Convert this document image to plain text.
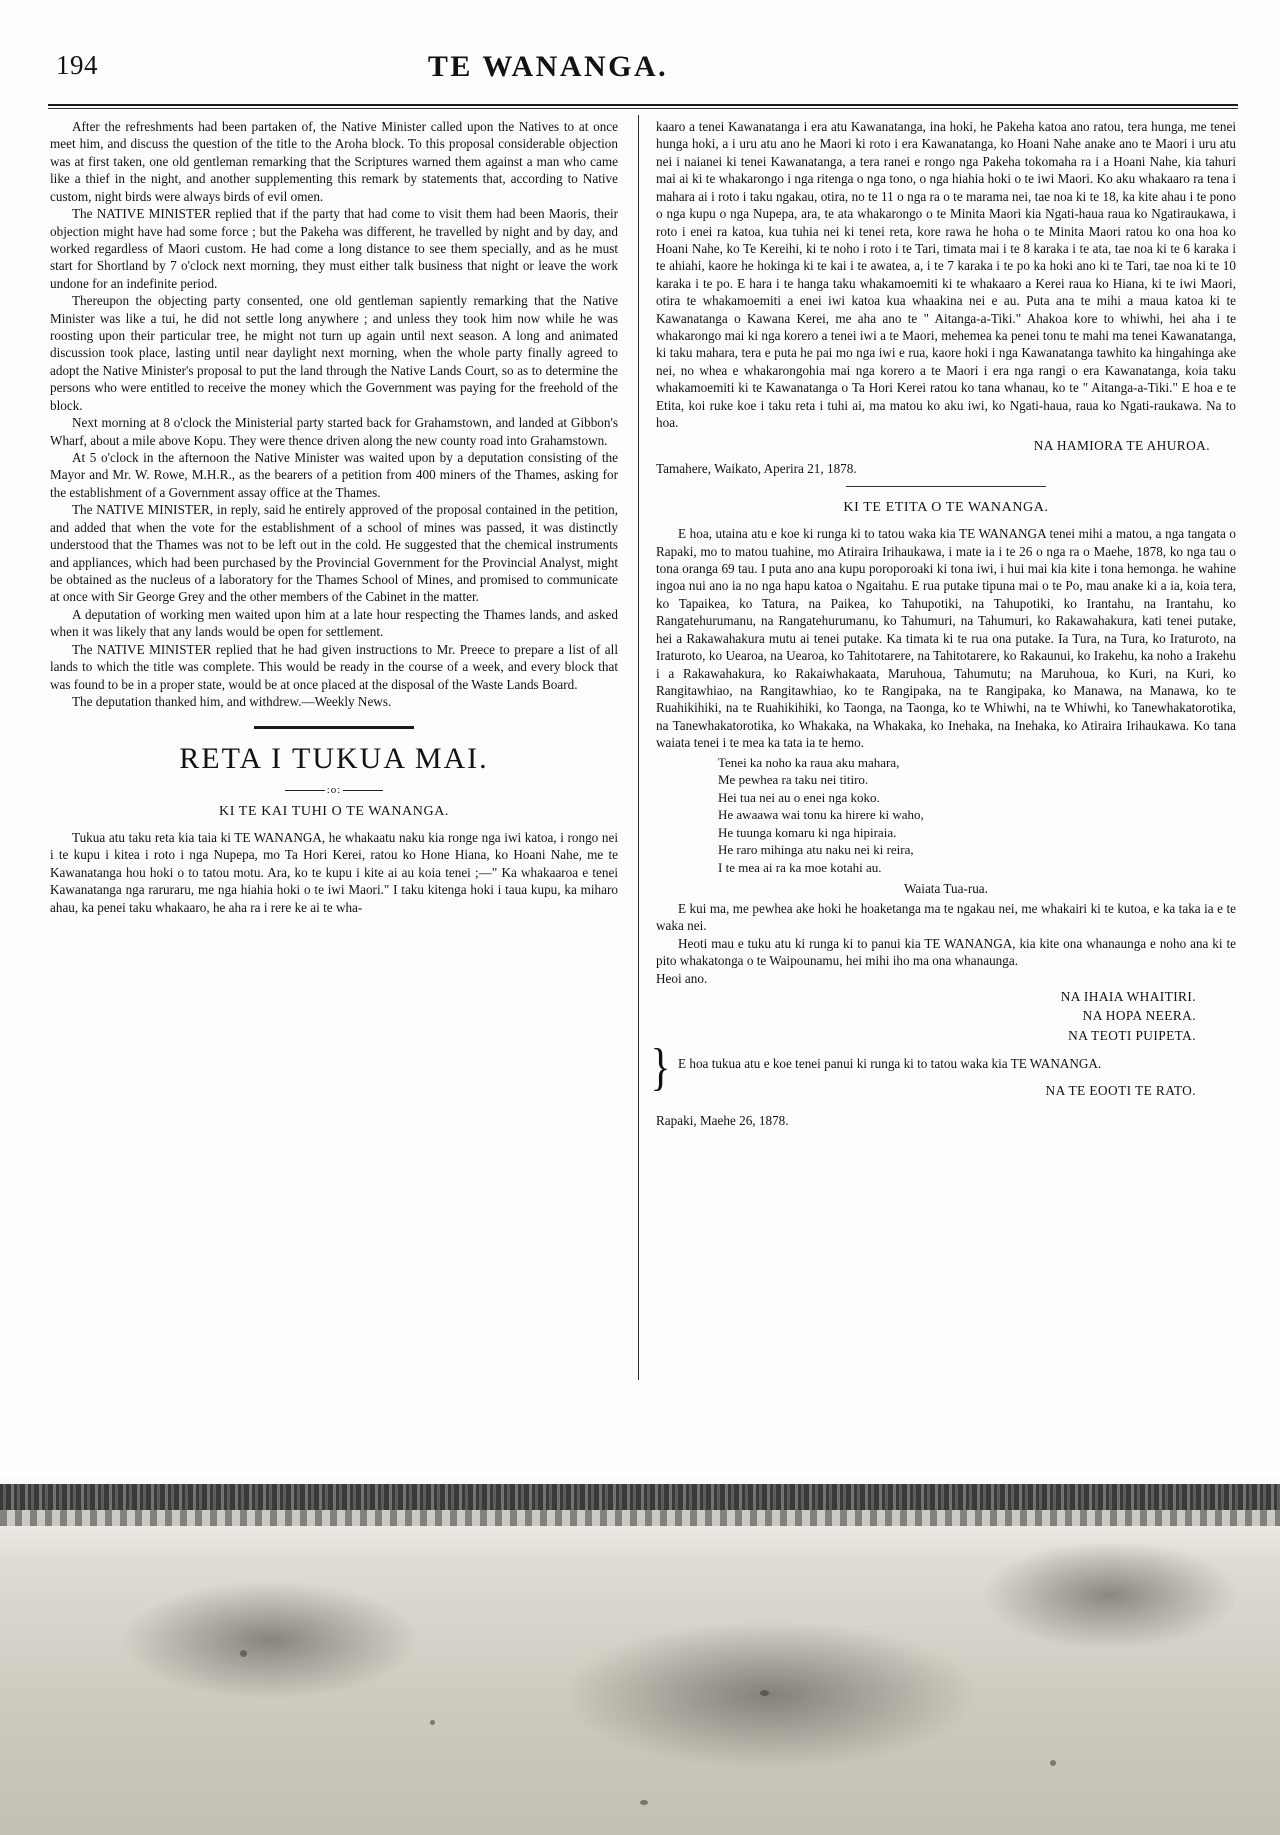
194	TE WANANGA.

After the refreshments had been partaken of, the Native Minister called upon the Natives to at once meet him, and discuss the question of the title to the Aroha block. To this proposal considerable objection was at first taken, one old gentleman remarking that the Scriptures warned them against a man who came like a thief in the night, and another supplementing this remark by statements that, according to Native custom, night birds were always birds of evil omen.

The NATIVE MINISTER replied that if the party that had come to visit them had been Maoris, their objection might have had some force ; but the Pakeha was different, he travelled by night and by day, and worked regardless of Maori custom. He had come a long distance to see them specially, and as he must start for Shortland by 7 o'clock next morning, they must either talk business that night or leave the work undone for an indefinite period.

Thereupon the objecting party consented, one old gentleman sapiently remarking that the Native Minister was like a tui, he did not settle long anywhere ; and unless they took him now while he was roosting upon their particular tree, he might not turn up again until next season. A long and animated discussion took place, lasting until near daylight next morning, when the whole party finally agreed to adopt the Native Minister's proposal to put the land through the Native Lands Court, so as to determine the persons who were entitled to receive the money which the Government was paying for the freehold of the block.

Next morning at 8 o'clock the Ministerial party started back for Grahamstown, and landed at Gibbon's Wharf, about a mile above Kopu. They were thence driven along the new county road into Grahamstown.

At 5 o'clock in the afternoon the Native Minister was waited upon by a deputation consisting of the Mayor and Mr. W. Rowe, M.H.R., as the bearers of a petition from 400 miners of the Thames, asking for the establishment of a Government assay office at the Thames.

The NATIVE MINISTER, in reply, said he entirely approved of the proposal contained in the petition, and added that when the vote for the establishment of a school of mines was passed, it was distinctly understood that the Thames was not to be left out in the cold. He suggested that the chemical instruments and appliances, which had been purchased by the Provincial Government for the Provincial Analyst, might be obtained as the nucleus of a laboratory for the Thames School of Mines, and promised to communicate at once with Sir George Grey and the other members of the Cabinet in the matter.

A deputation of working men waited upon him at a late hour respecting the Thames lands, and asked when it was likely that any lands would be open for settlement.

The NATIVE MINISTER replied that he had given instructions to Mr. Preece to prepare a list of all lands to which the title was complete. This would be ready in the course of a week, and every block that was found to be in a proper state, would be at once placed at the disposal of the Waste Lands Board.

The deputation thanked him, and withdrew.—Weekly News.

RETA I TUKUA MAI.
:o:
KI TE KAI TUHI O TE WANANGA.

Tukua atu taku reta kia taia ki TE WANANGA, he whakaatu naku kia ronge nga iwi katoa, i rongo nei i te kupu i kitea i roto i nga Nupepa, mo Ta Hori Kerei, ratou ko Hone Hiana, ko Hoani Nahe, me te Kawanatanga hou hoki o to tatou motu. Ara, ko te kupu i kite ai au koia tenei ;—" Ka whakaaroa e tenei Kawanatanga nga raruraru, me nga hiahia hoki o te iwi Maori." I taku kitenga hoki i taua kupu, ka miharo ahau, ka penei taku whakaaro, he aha ra i rere ke ai te wha-

kaaro a tenei Kawanatanga i era atu Kawanatanga, ina hoki, he Pakeha katoa ano ratou, tera hunga, me tenei hunga hoki, a i uru atu ano he Maori ki roto i era Kawanatanga, ko Hoani Nahe anake ano te Maori i uru atu nei i naianei ki tenei Kawanatanga, a tera ranei e rongo nga Pakeha tokomaha ra i a Hoani Nahe, kia tahuri mai ai ki te whakarongo i nga ritenga o nga tono, o nga hiahia hoki o te iwi Maori. Ko aku whakaaro ra tena i mahara ai i roto i taku ngakau, otira, no te 11 o nga ra o te marama nei, tae noa ki te 18, ka kite ahau i te pono o nga kupu o nga Nupepa, ara, te ata whakarongo o te Minita Maori kia Ngati-haua raua ko Ngatiraukawa, i roto i enei ra katoa, kua tuhia nei ki tenei reta, kore rawa he hoha o te Minita Maori ratou ko ona hoa ko Hoani Nahe, ko Te Kereihi, ki te noho i roto i te Tari, timata mai i te 8 karaka i te ata, tae noa ki te 6 karaka i te ahiahi, kaore he hokinga ki te kai i te awatea, a, i te 7 karaka i te po ka hoki ano ki te Tari, tae noa ki te 10 karaka i te po. E hara i te hanga taku whakamoemiti ki te whakaaro a Kerei raua ko Hiana, ki te iwi Maori, otira te whakamoemiti a enei iwi katoa kua whaakina nei e au. Puta ana te mihi a maua katoa ki te Kawanatanga o Kawana Kerei, me aha ano te " Aitanga-a-Tiki." Ahakoa kore to whiwhi, hei aha i te whakarongo mai ki nga korero a tenei iwi a te Maori, mehemea ka penei tonu te mahi ma tenei Kawanatanga, ki taku mahara, tera e puta he pai mo nga iwi e rua, kaore hoki i nga Kawanatanga tawhito ka hingahinga ake nei, no whea e whakarongohia mai nga korero a te Maori i era nga rangi o era Kawanatanga, koia taku whakamoemiti ki te Kawanatanga o Ta Hori Kerei ratou ko tana whanau, ko te " Aitanga-a-Tiki." E hoa e te Etita, koi ruke koe i taku reta i tuhi ai, ma matou ko aku iwi, ko Ngati-haua, raua ko Ngati-raukawa. Na to hoa.

NA HAMIORA TE AHUROA.
Tamahere, Waikato, Aperira 21, 1878.
KI TE ETITA O TE WANANGA.

E hoa, utaina atu e koe ki runga ki to tatou waka kia TE WANANGA tenei mihi a matou, a nga tangata o Rapaki, mo to matou tuahine, mo Atiraira Irihaukawa, i mate ia i te 26 o nga ra o Maehe, 1878, ko nga tau o tona oranga 69 tau. I puta ano ana kupu poroporoaki ki tona iwi, i hui mai kia kite i tona hemonga. he wahine ingoa nui ano ia no nga hapu katoa o Ngaitahu. E rua putake tipuna mai o te Po, mau anake ki a ia, koia tera, ko Tapaikea, ko Tatura, na Paikea, ko Tahupotiki, na Tahupotiki, ko Irantahu, na Irantahu, ko Rangatehurumanu, na Rangatehurumanu, ko Tahumuri, na Tahumuri, ko Rakawahakura, kati tenei putake, hei a Rakawahakura mutu ai tenei putake. Ka timata ki te rua ona putake. Ia Tura, na Tura, ko Iraturoto, na Iraturoto, ko Uearoa, na Uearoa, ko Tahitotarere, na Tahitotarere, ko Rakaunui, ko Irakehu, ka noho a Irakehu i a Rakawahakura, ko Rakaiwhakaata, Maruhoua, Tahumutu; na Maruhoua, ko Kuri, na Kuri, ko Rangitawhiao, na Rangitawhiao, ko te Rangipaka, na te Rangipaka, ko Manawa, na Manawa, ko te Ruahikihiki, na te Ruahikihiki, ko Taonga, na Taonga, ko te Whiwhi, na te Whiwhi, ko Tanewhakatorotika, na Tanewhakatorotika, ko Whakaka, na Whakaka, ko Inehaka, na Inehaka, ko Atiraira Irihaukawa. Ko tana waiata tenei i te mea ka tata ia te hemo.

Tenei ka noho ka raua aku mahara,
Me pewhea ra taku nei titiro.
Hei tua nei au o enei nga koko.
He awaawa wai tonu ka hirere ki waho,
He tuunga komaru ki nga hipiraia.
He raro mihinga atu naku nei ki reira,
I te mea ai ra ka moe kotahi au.
Waiata Tua-rua.

E kui ma, me pewhea ake hoki he hoaketanga ma te ngakau nei, me whakairi ki te kutoa, e ka taka ia e te waka nei.

Heoti mau e tuku atu ki runga ki to panui kia TE WANANGA, kia kite ona whanaunga e noho ana ki te pito whakatonga o te Waipounamu, hei mihi iho ma ona whanaunga.

Heoi ano.

NA IHAIA WHAITIRI.
NA HOPA NEERA.
NA TEOTI PUIPETA.

E hoa tukua atu e koe tenei panui ki runga ki to tatou waka kia TE WANANGA.

NA TE EOOTI TE RATO.
Rapaki, Maehe 26, 1878.
}
